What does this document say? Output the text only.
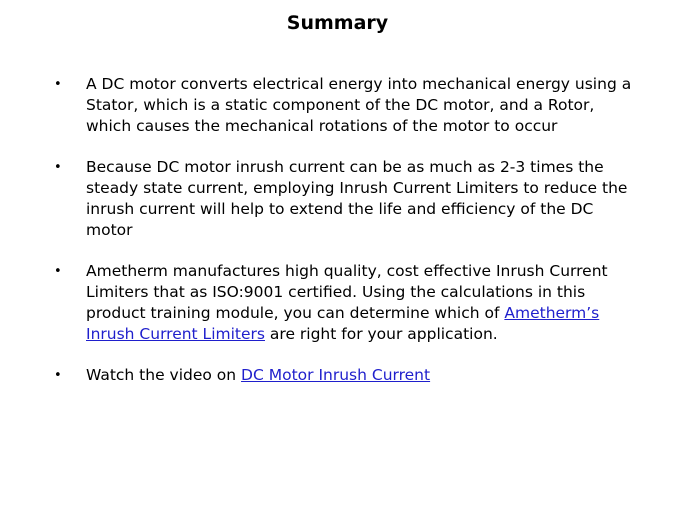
Summary
• A DC motor converts electrical energy into mechanical energy using a Stator, which is a static component of the DC motor, and a Rotor, which causes the mechanical rotations of the motor to occur
• Because DC motor inrush current can be as much as 2-3 times the steady state current, employing Inrush Current Limiters to reduce the inrush current will help to extend the life and efficiency of the DC motor
• Ametherm manufactures high quality, cost effective Inrush Current Limiters that as ISO:9001 certified. Using the calculations in this product training module, you can determine which of Ametherm’s Inrush Current Limiters are right for your application.
• Watch the video on DC Motor Inrush Current
